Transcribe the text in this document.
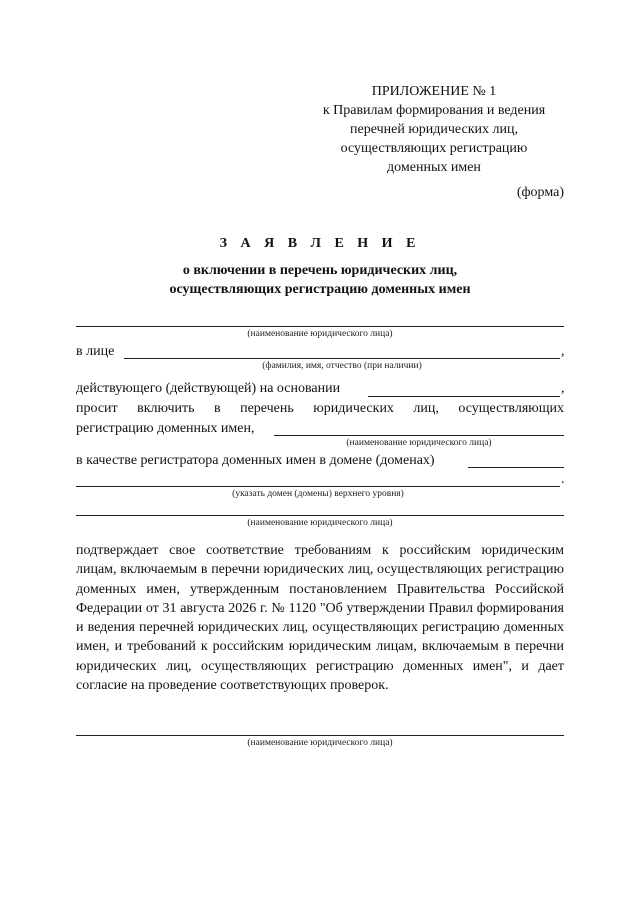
ПРИЛОЖЕНИЕ № 1
к Правилам формирования и ведения
перечней юридических лиц,
осуществляющих регистрацию
доменных имен
(форма)
З А Я В Л Е Н И Е
о включении в перечень юридических лиц,
осуществляющих регистрацию доменных имен
(наименование юридического лица)
в лице	,
(фамилия, имя, отчество (при наличии)
действующего (действующей) на основании	,
просит включить в перечень юридических лиц, осуществляющих
регистрацию доменных имен,
(наименование юридического лица)
в качестве регистратора доменных имен в домене (доменах)
.
(указать домен (домены) верхнего уровня)
(наименование юридического лица)
подтверждает свое соответствие требованиям к российским юридическим лицам, включаемым в перечни юридических лиц, осуществляющих регистрацию доменных имен, утвержденным постановлением Правительства Российской Федерации от 31 августа 2026 г. № 1120 "Об утверждении Правил формирования и ведения перечней юридических лиц, осуществляющих регистрацию доменных имен, и требований к российским юридическим лицам, включаемым в перечни юридических лиц, осуществляющих регистрацию доменных имен", и дает согласие на проведение соответствующих проверок.
(наименование юридического лица)
